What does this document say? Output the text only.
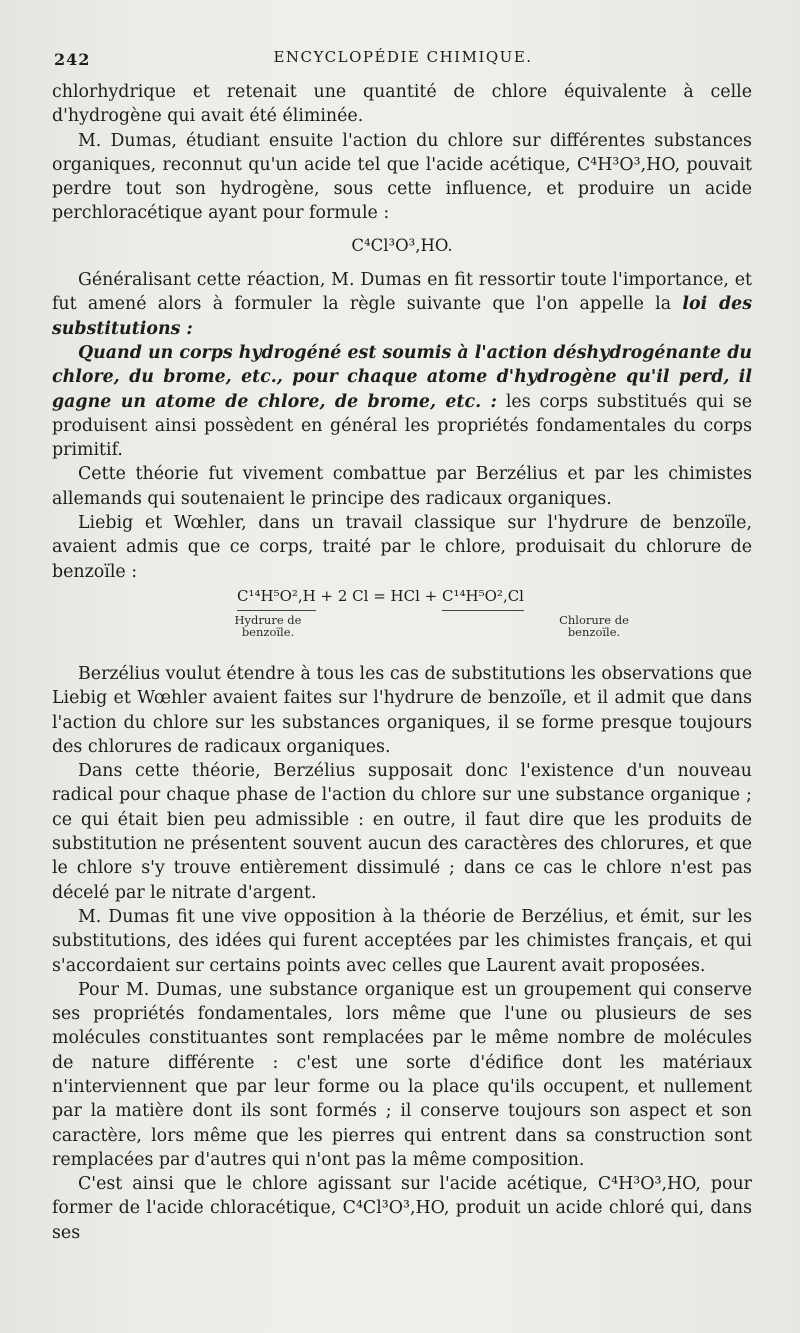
242	ENCYCLOPÉDIE CHIMIQUE.

chlorhydrique et retenait une quantité de chlore équivalente à celle d'hydrogène qui avait été éliminée.

M. Dumas, étudiant ensuite l'action du chlore sur différentes substances organiques, reconnut qu'un acide tel que l'acide acétique, C⁴H³O³,HO, pouvait perdre tout son hydrogène, sous cette influence, et produire un acide perchloracétique ayant pour formule :

C⁴Cl³O³,HO.

Généralisant cette réaction, M. Dumas en fit ressortir toute l'importance, et fut amené alors à formuler la règle suivante que l'on appelle la loi des substitutions :

Quand un corps hydrogéné est soumis à l'action déshydrogénante du chlore, du brome, etc., pour chaque atome d'hydrogène qu'il perd, il gagne un atome de chlore, de brome, etc. : les corps substitués qui se produisent ainsi possèdent en général les propriétés fondamentales du corps primitif.

Cette théorie fut vivement combattue par Berzélius et par les chimistes allemands qui soutenaient le principe des radicaux organiques.

Liebig et Wœhler, dans un travail classique sur l'hydrure de benzoïle, avaient admis que ce corps, traité par le chlore, produisait du chlorure de benzoïle :

C¹⁴H⁵O²,H + 2 Cl = HCl + C¹⁴H⁵O²,Cl
Hydrure de benzoïle.
Chlorure de benzoïle.

Berzélius voulut étendre à tous les cas de substitutions les observations que Liebig et Wœhler avaient faites sur l'hydrure de benzoïle, et il admit que dans l'action du chlore sur les substances organiques, il se forme presque toujours des chlorures de radicaux organiques.

Dans cette théorie, Berzélius supposait donc l'existence d'un nouveau radical pour chaque phase de l'action du chlore sur une substance organique ; ce qui était bien peu admissible : en outre, il faut dire que les produits de substitution ne présentent souvent aucun des caractères des chlorures, et que le chlore s'y trouve entièrement dissimulé ; dans ce cas le chlore n'est pas décelé par le nitrate d'argent.

M. Dumas fit une vive opposition à la théorie de Berzélius, et émit, sur les substitutions, des idées qui furent acceptées par les chimistes français, et qui s'accordaient sur certains points avec celles que Laurent avait proposées.

Pour M. Dumas, une substance organique est un groupement qui conserve ses propriétés fondamentales, lors même que l'une ou plusieurs de ses molécules constituantes sont remplacées par le même nombre de molécules de nature différente : c'est une sorte d'édifice dont les matériaux n'interviennent que par leur forme ou la place qu'ils occupent, et nullement par la matière dont ils sont formés ; il conserve toujours son aspect et son caractère, lors même que les pierres qui entrent dans sa construction sont remplacées par d'autres qui n'ont pas la même composition.

C'est ainsi que le chlore agissant sur l'acide acétique, C⁴H³O³,HO, pour former de l'acide chloracétique, C⁴Cl³O³,HO, produit un acide chloré qui, dans ses
